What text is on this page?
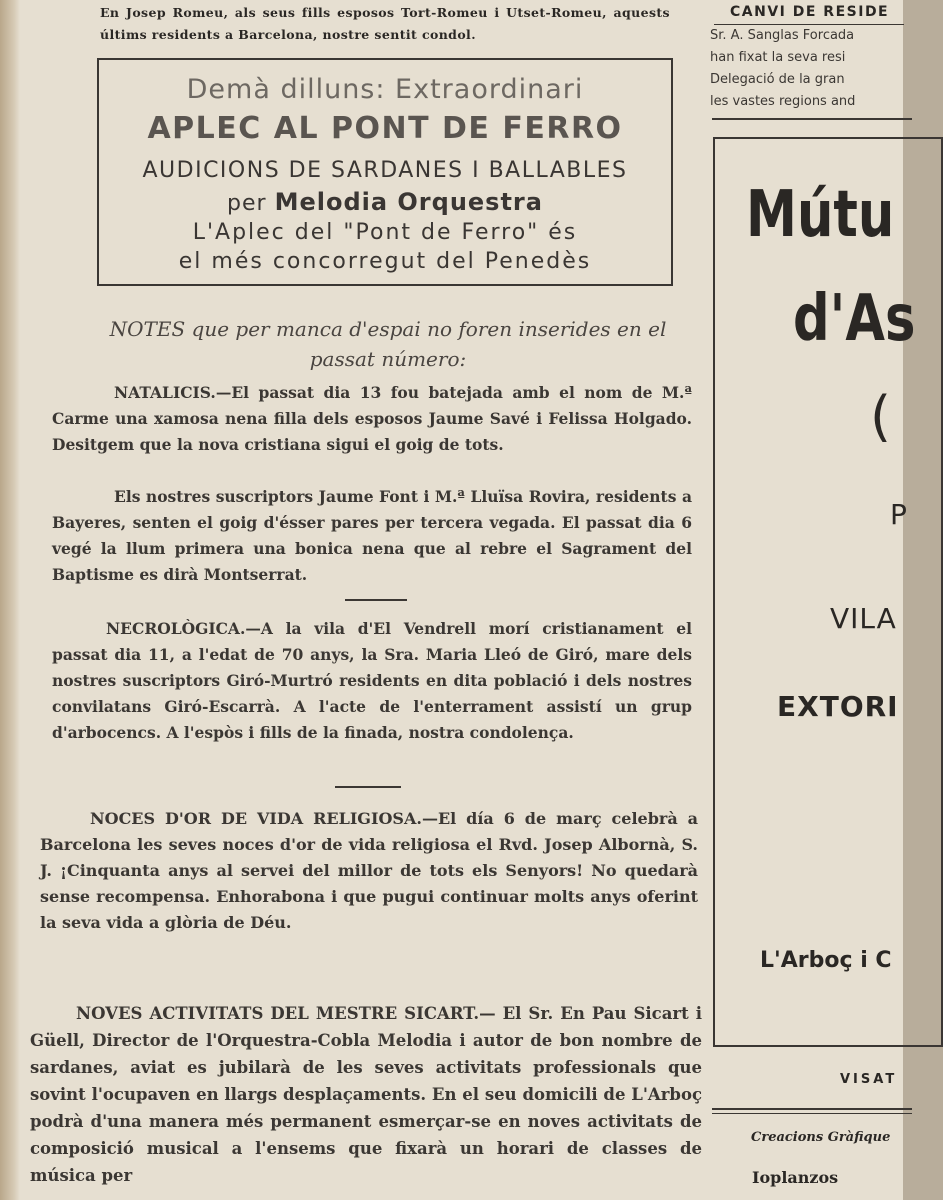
En Josep Romeu, als seus fills esposos Tort-Romeu i Utset-Romeu, aquests últims residents a Barcelona, nostre sentit condol.
Demà dilluns: Extraordinari
APLEC AL PONT DE FERRO
AUDICIONS DE SARDANES I BALLABLES
per Melodia Orquestra
L'Aplec del "Pont de Ferro" és
el més concorregut del Penedès
NOTES que per manca d'espai no foren inserides en el passat número:
NATALICIS.—El passat dia 13 fou batejada amb el nom de M.ª Carme una xamosa nena filla dels esposos Jaume Savé i Felissa Holgado. Desitgem que la nova cristiana sigui el goig de tots.
Els nostres suscriptors Jaume Font i M.ª Lluïsa Rovira, residents a Bayeres, senten el goig d'ésser pares per tercera vegada. El passat dia 6 vegé la llum primera una bonica nena que al rebre el Sagrament del Baptisme es dirà Montserrat.
NECROLÒGICA.—A la vila d'El Vendrell morí cristianament el passat dia 11, a l'edat de 70 anys, la Sra. Maria Lleó de Giró, mare dels nostres suscriptors Giró-Murtró residents en dita població i dels nostres convilatans Giró-Escarrà. A l'acte de l'enterrament assistí un grup d'arbocencs. A l'espòs i fills de la finada, nostra condolença.
NOCES D'OR DE VIDA RELIGIOSA.—El día 6 de març celebrà a Barcelona les seves noces d'or de vida religiosa el Rvd. Josep Albornà, S. J. ¡Cinquanta anys al servei del millor de tots els Senyors! No quedarà sense recompensa. Enhorabona i que pugui continuar molts anys oferint la seva vida a glòria de Déu.
NOVES ACTIVITATS DEL MESTRE SICART.— El Sr. En Pau Sicart i Güell, Director de l'Orquestra-Cobla Melodia i autor de bon nombre de sardanes, aviat es jubilarà de les seves activitats professionals que sovint l'ocupaven en llargs desplaçaments. En el seu domicili de L'Arboç podrà d'una manera més permanent esmerçar-se en noves activitats de composició musical a l'ensems que fixarà un horari de classes de música per
CANVI DE RESIDE
Sr. A. Sanglas Forcada
han fixat la seva resi
Delegació de la gran
les vastes regions and
Mútu
d'As
(
P
VILA
EXTORI
L'Arboç i C
VISAT
Creacions Gràfique
Ioplanzos
